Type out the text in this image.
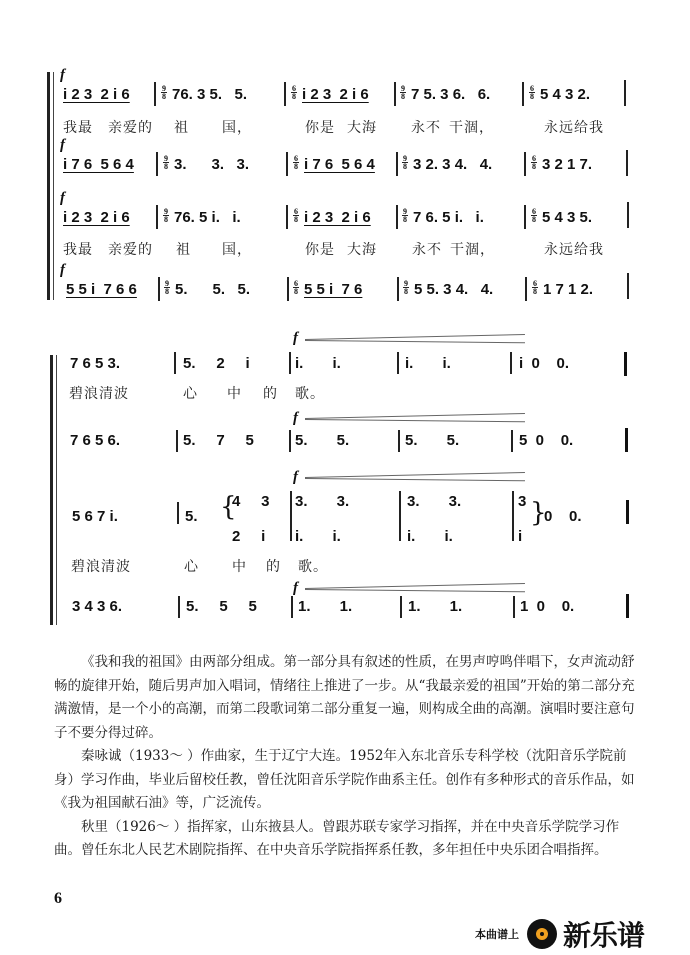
f
i 2 3  2 i 6	9
8 76. 3 5.   5.	6
8 i 2 3  2 i 6	9
8 7 5. 3 6.   6.	6
8 5 4 3 2.
我最 亲爱的 祖 国，	你是 大海 永不 干涸，	永远给我
f
i 7 6  5 6 4	9
8 3.      3.   3.	6
8 i 7 6  5 6 4	9
8 3 2. 3 4.   4.	6
8 3 2 1 7.
f
i 2 3  2 i 6	9
8 76. 5 i.   i.	6
8 i 2 3  2 i 6	9
8 7 6. 5 i.   i.	6
8 5 4 3 5.
我最 亲爱的 祖 国，	你是 大海	永不 干涸，	永远给我
f
5 5 i  7 6 6	9
8 5.      5.   5.	6
8 5 5 i  7 6	9
8 5 5. 3 4.   4.	6
8 1 7 1 2.
7 6 5 3.	5.     2     i
f
i.       i.	i.       i.	i  0    0.
碧浪清波	心 中 的 歌。
7 6 5 6.	5.     7     5
f
5.       5.	5.       5.	5  0    0.
5 6 7 i.	5. {
4     3
2     i
f
3.       3.
i.       i.
3.       3.
i.       i.
3
i
}
0    0.
碧浪清波	心 中 的 歌。
3 4 3 6.	5.     5     5
f
1.       1.	1.       1.	1  0    0.

《我和我的祖国》由两部分组成。第一部分具有叙述的性质，在男声哼鸣伴唱下，女声流动舒畅的旋律开始，随后男声加入唱词，情绪往上推进了一步。从“我最亲爱的祖国”开始的第二部分充满激情，是一个小的高潮，而第二段歌词第二部分重复一遍，则构成全曲的高潮。演唱时要注意句子不要分得过碎。

秦咏诚（1933～ ）作曲家，生于辽宁大连。1952年入东北音乐专科学校（沈阳音乐学院前身）学习作曲，毕业后留校任教，曾任沈阳音乐学院作曲系主任。创作有多种形式的音乐作品，如《我为祖国献石油》等，广泛流传。

秋里（1926～ ）指挥家，山东掖县人。曾跟苏联专家学习指挥，并在中央音乐学院学习作曲。曾任东北人民艺术剧院指挥、在中央音乐学院指挥系任教，多年担任中央乐团合唱指挥。

6
本曲谱上 新乐谱
